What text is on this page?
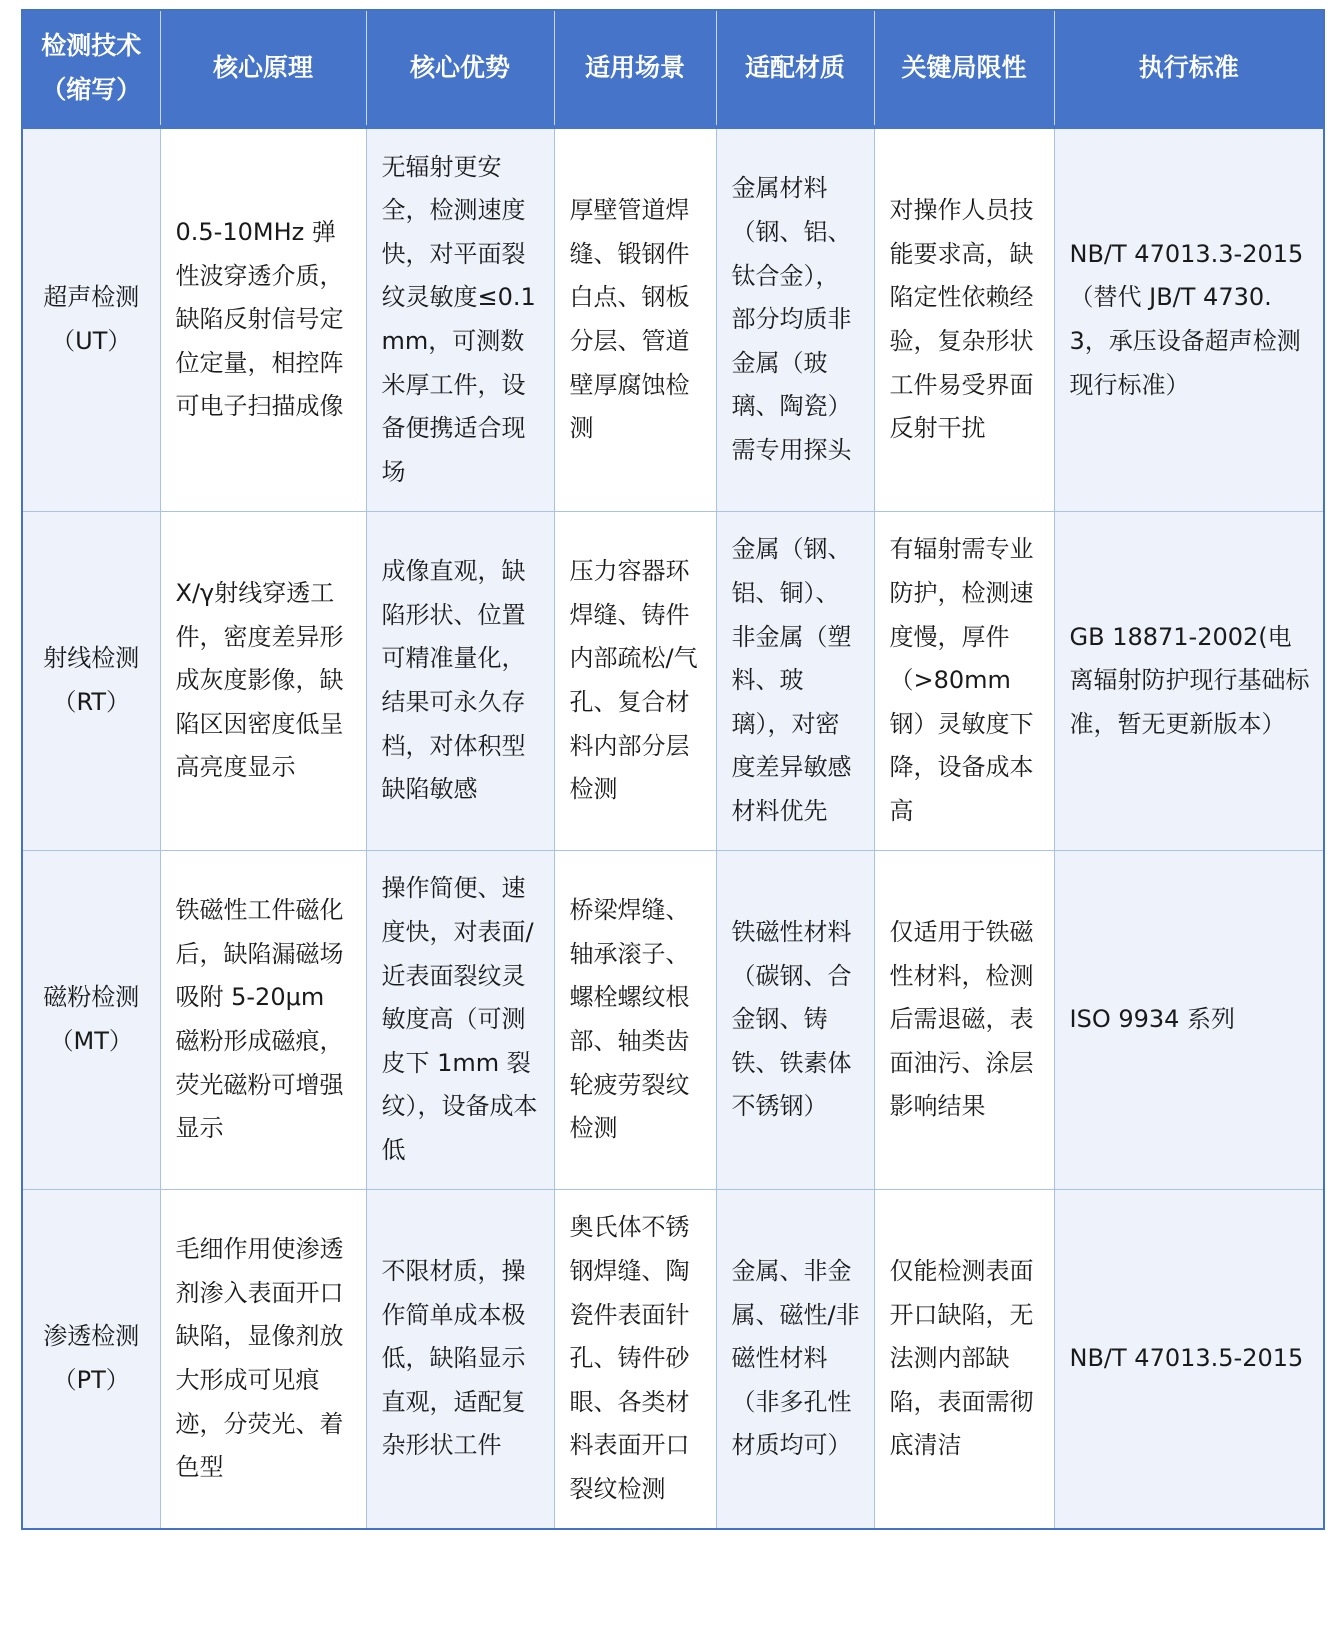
检测技术
（缩写）	核心原理	核心优势	适用场景	适配材质	关键局限性	执行标准

超声检测
（UT）	0.5-10MHz 弹性波穿透介质，缺陷反射信号定位定量，相控阵可电子扫描成像	无辐射更安全，检测速度快，对平面裂纹灵敏度≤0.1mm，可测数米厚工件，设备便携适合现场	厚壁管道焊缝、锻钢件白点、钢板分层、管道壁厚腐蚀检测	金属材料（钢、铝、钛合金），部分均质非金属（玻璃、陶瓷）需专用探头	对操作人员技能要求高，缺陷定性依赖经验，复杂形状工件易受界面反射干扰	NB/T 47013.3-2015（替代 JB/T 4730.3，承压设备超声检测现行标准）

射线检测
（RT）	X/γ射线穿透工件，密度差异形成灰度影像，缺陷区因密度低呈高亮度显示	成像直观，缺陷形状、位置可精准量化，结果可永久存档，对体积型缺陷敏感	压力容器环焊缝、铸件内部疏松/气孔、复合材料内部分层检测	金属（钢、铝、铜）、非金属（塑料、玻璃），对密度差异敏感材料优先	有辐射需专业防护，检测速度慢，厚件（>80mm 钢）灵敏度下降，设备成本高	GB 18871-2002(电离辐射防护现行基础标准，暂无更新版本）

磁粉检测
（MT）	铁磁性工件磁化后，缺陷漏磁场吸附 5-20μm 磁粉形成磁痕，荧光磁粉可增强显示	操作简便、速度快，对表面/近表面裂纹灵敏度高（可测皮下 1mm 裂纹），设备成本低	桥梁焊缝、轴承滚子、螺栓螺纹根部、轴类齿轮疲劳裂纹检测	铁磁性材料（碳钢、合金钢、铸铁、铁素体不锈钢）	仅适用于铁磁性材料，检测后需退磁，表面油污、涂层影响结果	ISO 9934 系列

渗透检测
（PT）	毛细作用使渗透剂渗入表面开口缺陷，显像剂放大形成可见痕迹，分荧光、着色型	不限材质，操作简单成本极低，缺陷显示直观，适配复杂形状工件	奥氏体不锈钢焊缝、陶瓷件表面针孔、铸件砂眼、各类材料表面开口裂纹检测	金属、非金属、磁性/非磁性材料（非多孔性材质均可）	仅能检测表面开口缺陷，无法测内部缺陷，表面需彻底清洁	NB/T 47013.5-2015
